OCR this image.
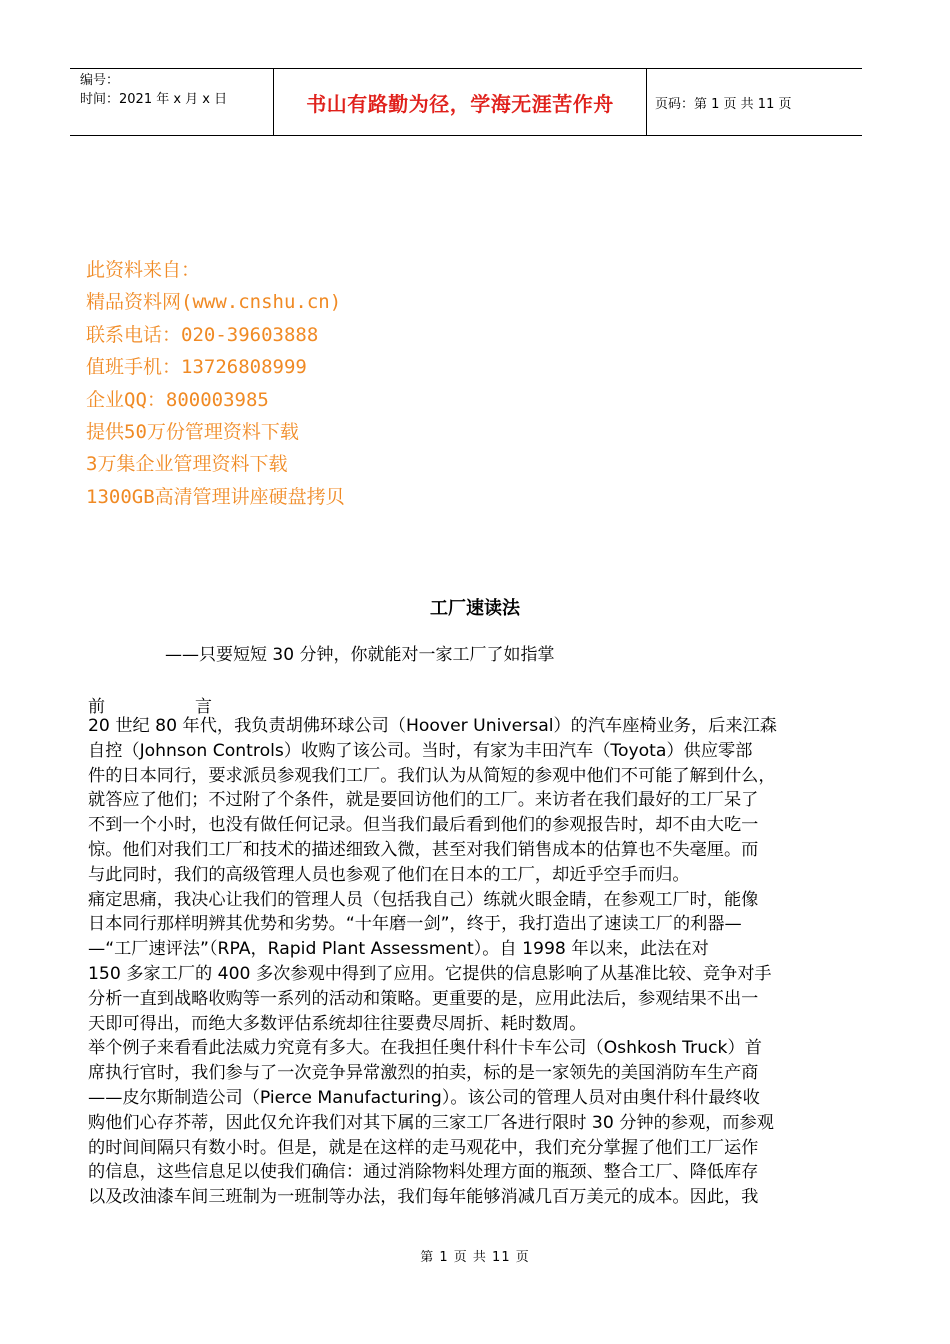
编号：
时间：2021 年 x 月 x 日	书山有路勤为径，学海无涯苦作舟	页码：第 1 页 共 11 页
此资料来自：
精品资料网(www.cnshu.cn)
联系电话：020-39603888
值班手机：13726808999
企业QQ：800003985
提供50万份管理资料下载
3万集企业管理资料下载
1300GB高清管理讲座硬盘拷贝
工厂速读法
——只要短短 30 分钟，你就能对一家工厂了如指掌
前	言

20 世纪 80 年代，我负责胡佛环球公司（Hoover Universal）的汽车座椅业务，后来江森

自控（Johnson Controls）收购了该公司。当时，有家为丰田汽车（Toyota）供应零部

件的日本同行，要求派员参观我们工厂。我们认为从简短的参观中他们不可能了解到什么，

就答应了他们；不过附了个条件，就是要回访他们的工厂。来访者在我们最好的工厂呆了

不到一个小时，也没有做任何记录。但当我们最后看到他们的参观报告时，却不由大吃一

惊。他们对我们工厂和技术的描述细致入微，甚至对我们销售成本的估算也不失毫厘。而

与此同时，我们的高级管理人员也参观了他们在日本的工厂，却近乎空手而归。

痛定思痛，我决心让我们的管理人员（包括我自己）练就火眼金睛，在参观工厂时，能像

日本同行那样明辨其优势和劣势。“十年磨一剑”，终于，我打造出了速读工厂的利器—

—“工厂速评法”（RPA，Rapid Plant Assessment）。自 1998 年以来，此法在对

150 多家工厂的 400 多次参观中得到了应用。它提供的信息影响了从基准比较、竞争对手

分析一直到战略收购等一系列的活动和策略。更重要的是，应用此法后，参观结果不出一

天即可得出，而绝大多数评估系统却往往要费尽周折、耗时数周。

举个例子来看看此法威力究竟有多大。在我担任奥什科什卡车公司（Oshkosh Truck）首

席执行官时，我们参与了一次竞争异常激烈的拍卖，标的是一家领先的美国消防车生产商

——皮尔斯制造公司（Pierce Manufacturing）。该公司的管理人员对由奥什科什最终收

购他们心存芥蒂，因此仅允许我们对其下属的三家工厂各进行限时 30 分钟的参观，而参观

的时间间隔只有数小时。但是，就是在这样的走马观花中，我们充分掌握了他们工厂运作

的信息，这些信息足以使我们确信：通过消除物料处理方面的瓶颈、整合工厂、降低库存

以及改油漆车间三班制为一班制等办法，我们每年能够消减几百万美元的成本。因此，我

第 1 页 共 11 页
